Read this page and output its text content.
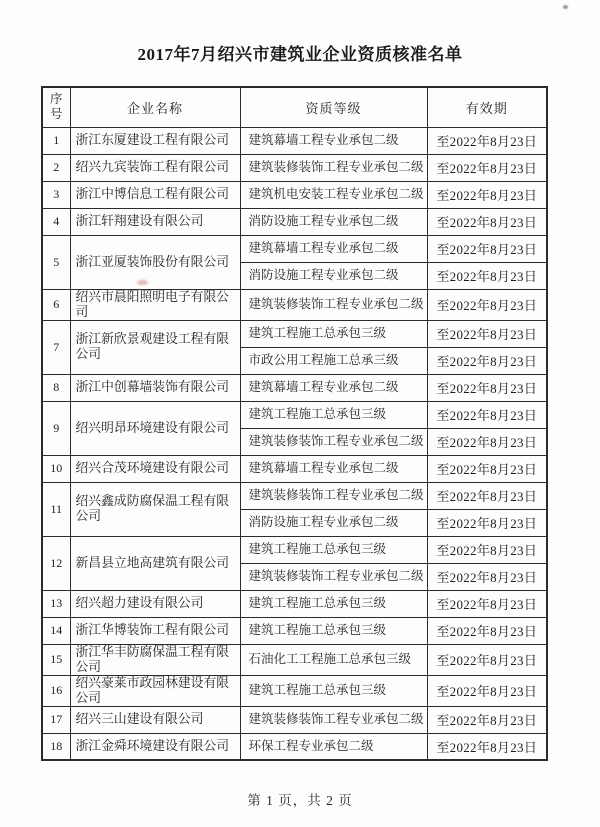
2017年7月绍兴市建筑业企业资质核准名单
序号	企业名称	资质等级	有效期
1	浙江东厦建设工程有限公司	建筑幕墙工程专业承包二级	至2022年8月23日
2	绍兴九宾装饰工程有限公司	建筑装修装饰工程专业承包二级	至2022年8月23日
3	浙江中博信息工程有限公司	建筑机电安装工程专业承包二级	至2022年8月23日
4	浙江轩翔建设有限公司	消防设施工程专业承包二级	至2022年8月23日
5	浙江亚厦装饰股份有限公司	建筑幕墙工程专业承包二级	至2022年8月23日
		消防设施工程专业承包二级	至2022年8月23日
6	绍兴市晨阳照明电子有限公司	建筑装修装饰工程专业承包二级	至2022年8月23日
7	浙江新欣景观建设工程有限公司	建筑工程施工总承包三级	至2022年8月23日
		市政公用工程施工总承三级	至2022年8月23日
8	浙江中创幕墙装饰有限公司	建筑幕墙工程专业承包二级	至2022年8月23日
9	绍兴明昂环境建设有限公司	建筑工程施工总承包三级	至2022年8月23日
		建筑装修装饰工程专业承包二级	至2022年8月23日
10	绍兴合茂环境建设有限公司	建筑幕墙工程专业承包二级	至2022年8月23日
11	绍兴鑫成防腐保温工程有限公司	建筑装修装饰工程专业承包二级	至2022年8月23日
		消防设施工程专业承包二级	至2022年8月23日
12	新昌县立地高建筑有限公司	建筑工程施工总承包三级	至2022年8月23日
		建筑装修装饰工程专业承包二级	至2022年8月23日
13	绍兴超力建设有限公司	建筑工程施工总承包三级	至2022年8月23日
14	浙江华博装饰工程有限公司	建筑工程施工总承包三级	至2022年8月23日
15	浙江华丰防腐保温工程有限公司	石油化工工程施工总承包三级	至2022年8月23日
16	绍兴豪莱市政园林建设有限公司	建筑工程施工总承包三级	至2022年8月23日
17	绍兴三山建设有限公司	建筑装修装饰工程专业承包二级	至2022年8月23日
18	浙江金舜环境建设有限公司	环保工程专业承包二级	至2022年8月23日
第 1 页，共 2 页
